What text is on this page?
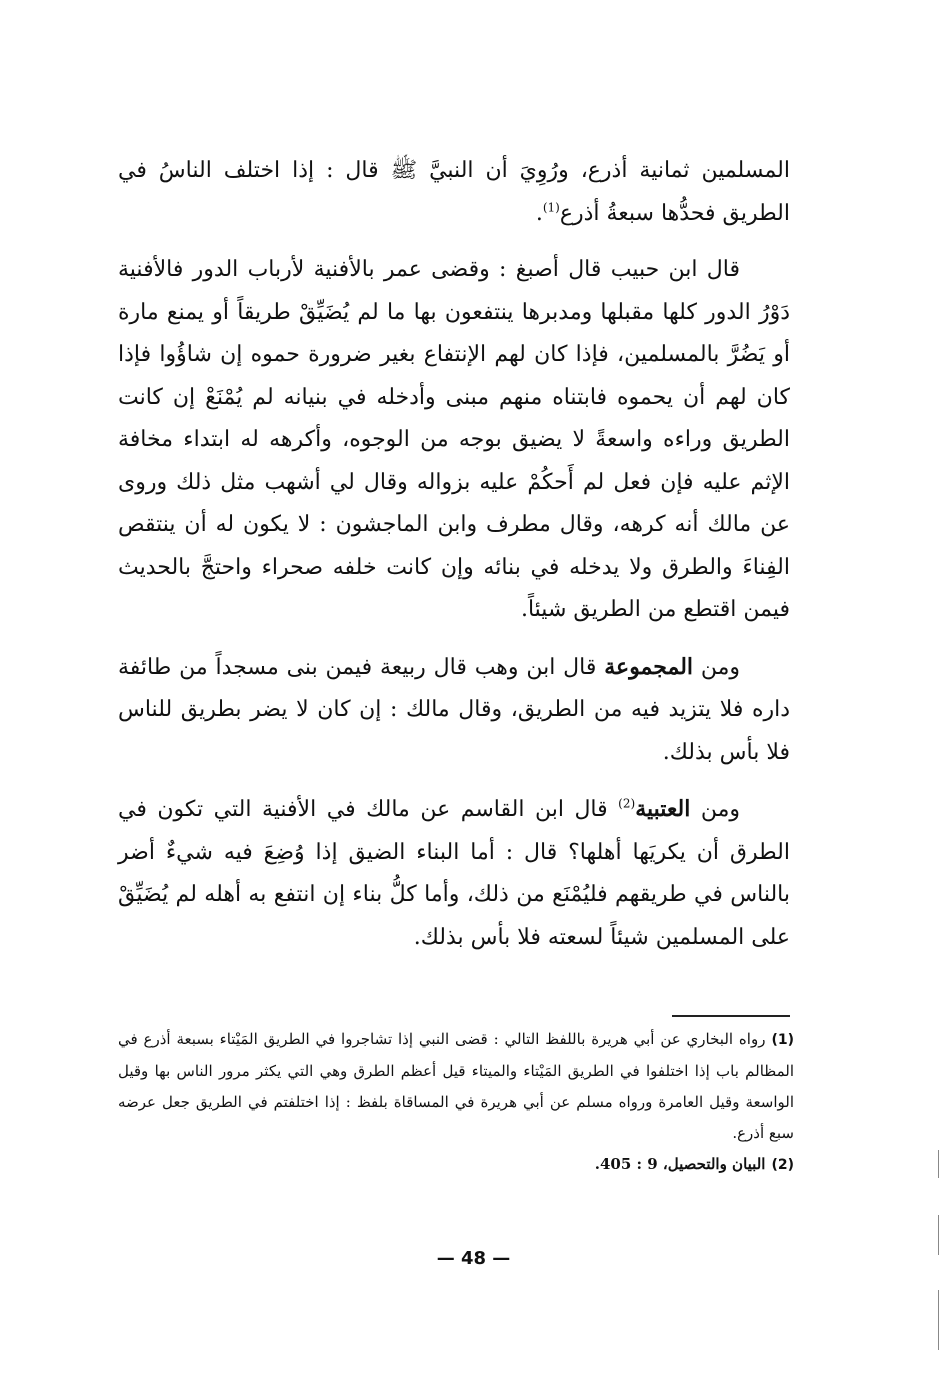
المسلمين ثمانية أذرع، ورُوِيَ أن النبيَّ ﷺ قال : إذا اختلف الناسُ في الطريق فحدُّها سبعةُ أذرع$^{(1)}$.

قال ابن حبيب قال أصبغ : وقضى عمر بالأفنية لأرباب الدور فالأفنية دَوْرُ الدور كلها مقبلها ومدبرها ينتفعون بها ما لم يُضَيِّقْ طريقاً أو يمنع مارة أو يَضُرَّ بالمسلمين، فإذا كان لهم الإنتفاع بغير ضرورة حموه إن شاؤُوا فإذا كان لهم أن يحموه فابتناه منهم مبنى وأدخله في بنيانه لم يُمْنَعْ إن كانت الطريق وراءه واسعةً لا يضيق بوجه من الوجوه، وأكرهه له ابتداء مخافة الإثم عليه فإن فعل لم أَحكُمْ عليه بزواله وقال لي أشهب مثل ذلك وروى عن مالك أنه كرهه، وقال مطرف وابن الماجشون : لا يكون له أن ينتقص الفِناءَ والطرق ولا يدخله في بنائه وإن كانت خلفه صحراء واحتجَّ بالحديث فيمن اقتطع من الطريق شيئاً.

ومن المجموعة قال ابن وهب قال ربيعة فيمن بنى مسجداً من طائفة داره فلا يتزيد فيه من الطريق، وقال مالك : إن كان لا يضر بطريق للناس فلا بأس بذلك.

ومن العتبية$^{(2)}$ قال ابن القاسم عن مالك في الأفنية التي تكون في الطرق أن يكريَها أهلها؟ قال : أما البناء الضيق إذا وُضِعَ فيه شيءٌ أضر بالناس في طريقهم فليُمْنَع من ذلك، وأما كلُّ بناء إن انتفع به أهله لم يُضَيِّقْ على المسلمين شيئاً لسعته فلا بأس بذلك.

(1)رواه البخاري عن أبي هريرة باللفظ التالي : قضى النبي إذا تشاجروا في الطريق المَيْتاء بسبعة أذرع في المظالم باب إذا اختلفوا في الطريق المَيْتاء والميتاء قيل أعظم الطرق وهي التي يكثر مرور الناس بها وقيل الواسعة وقيل العامرة ورواه مسلم عن أبي هريرة في المساقاة بلفظ : إذا اختلفتم في الطريق جعل عرضه سبع أذرع.

(2)البيان والتحصيل، 9 : 405.

— 48 —
